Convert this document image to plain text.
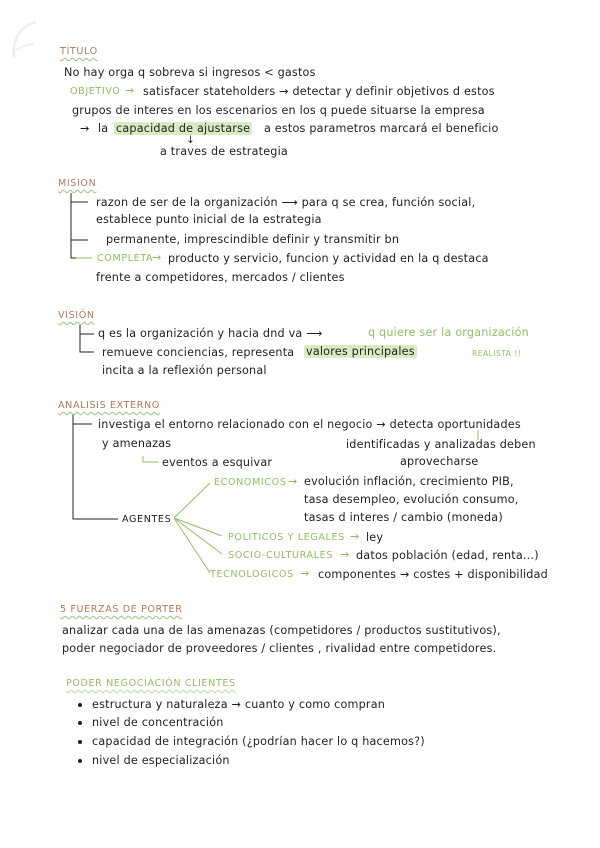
TITULO
No hay orga q sobreva si ingresos < gastos
OBJETIVO → satisfacer stateholders → detectar y definir objetivos d estos
grupos de interes en los escenarios en los q puede situarse la empresa
→ la capacidad de ajustarse a estos parametros marcará el beneficio
↓
a traves de estrategia
MISION
razon de ser de la organización ⟶ para q se crea, función social,
establece punto inicial de la estrategia
permanente, imprescindible definir y transmitir bn
COMPLETA
→ producto y servicio, funcion y actividad en la q destaca
frente a competidores, mercados / clientes
VISIÓN
q es la organización y hacia dnd va ⟶	q quiere ser la organización
remueve conciencias, representa valores principales	REALISTA !!
incita a la reflexión personal
ANALISIS EXTERNO
investiga el entorno relacionado con el negocio → detecta oportunidades
y amenazas	identificadas y analizadas deben
aprovecharse
eventos a esquivar
AGENTES
ECONOMICOS → evolución inflación, crecimiento PIB,
tasa desempleo, evolución consumo,
tasas d interes / cambio (moneda)
POLITICOS Y LEGALES → ley
SOCIO-CULTURALES → datos población (edad, renta...)
TECNOLOGICOS → componentes → costes + disponibilidad
5 FUERZAS DE PORTER
analizar cada una de las amenazas (competidores / productos sustitutivos),
poder negociador de proveedores / clientes , rivalidad entre competidores.
PODER NEGOCIACIÓN CLIENTES
estructura y naturaleza → cuanto y como compran
nivel de concentración
capacidad de integración (¿podrían hacer lo q hacemos?)
nivel de especialización
